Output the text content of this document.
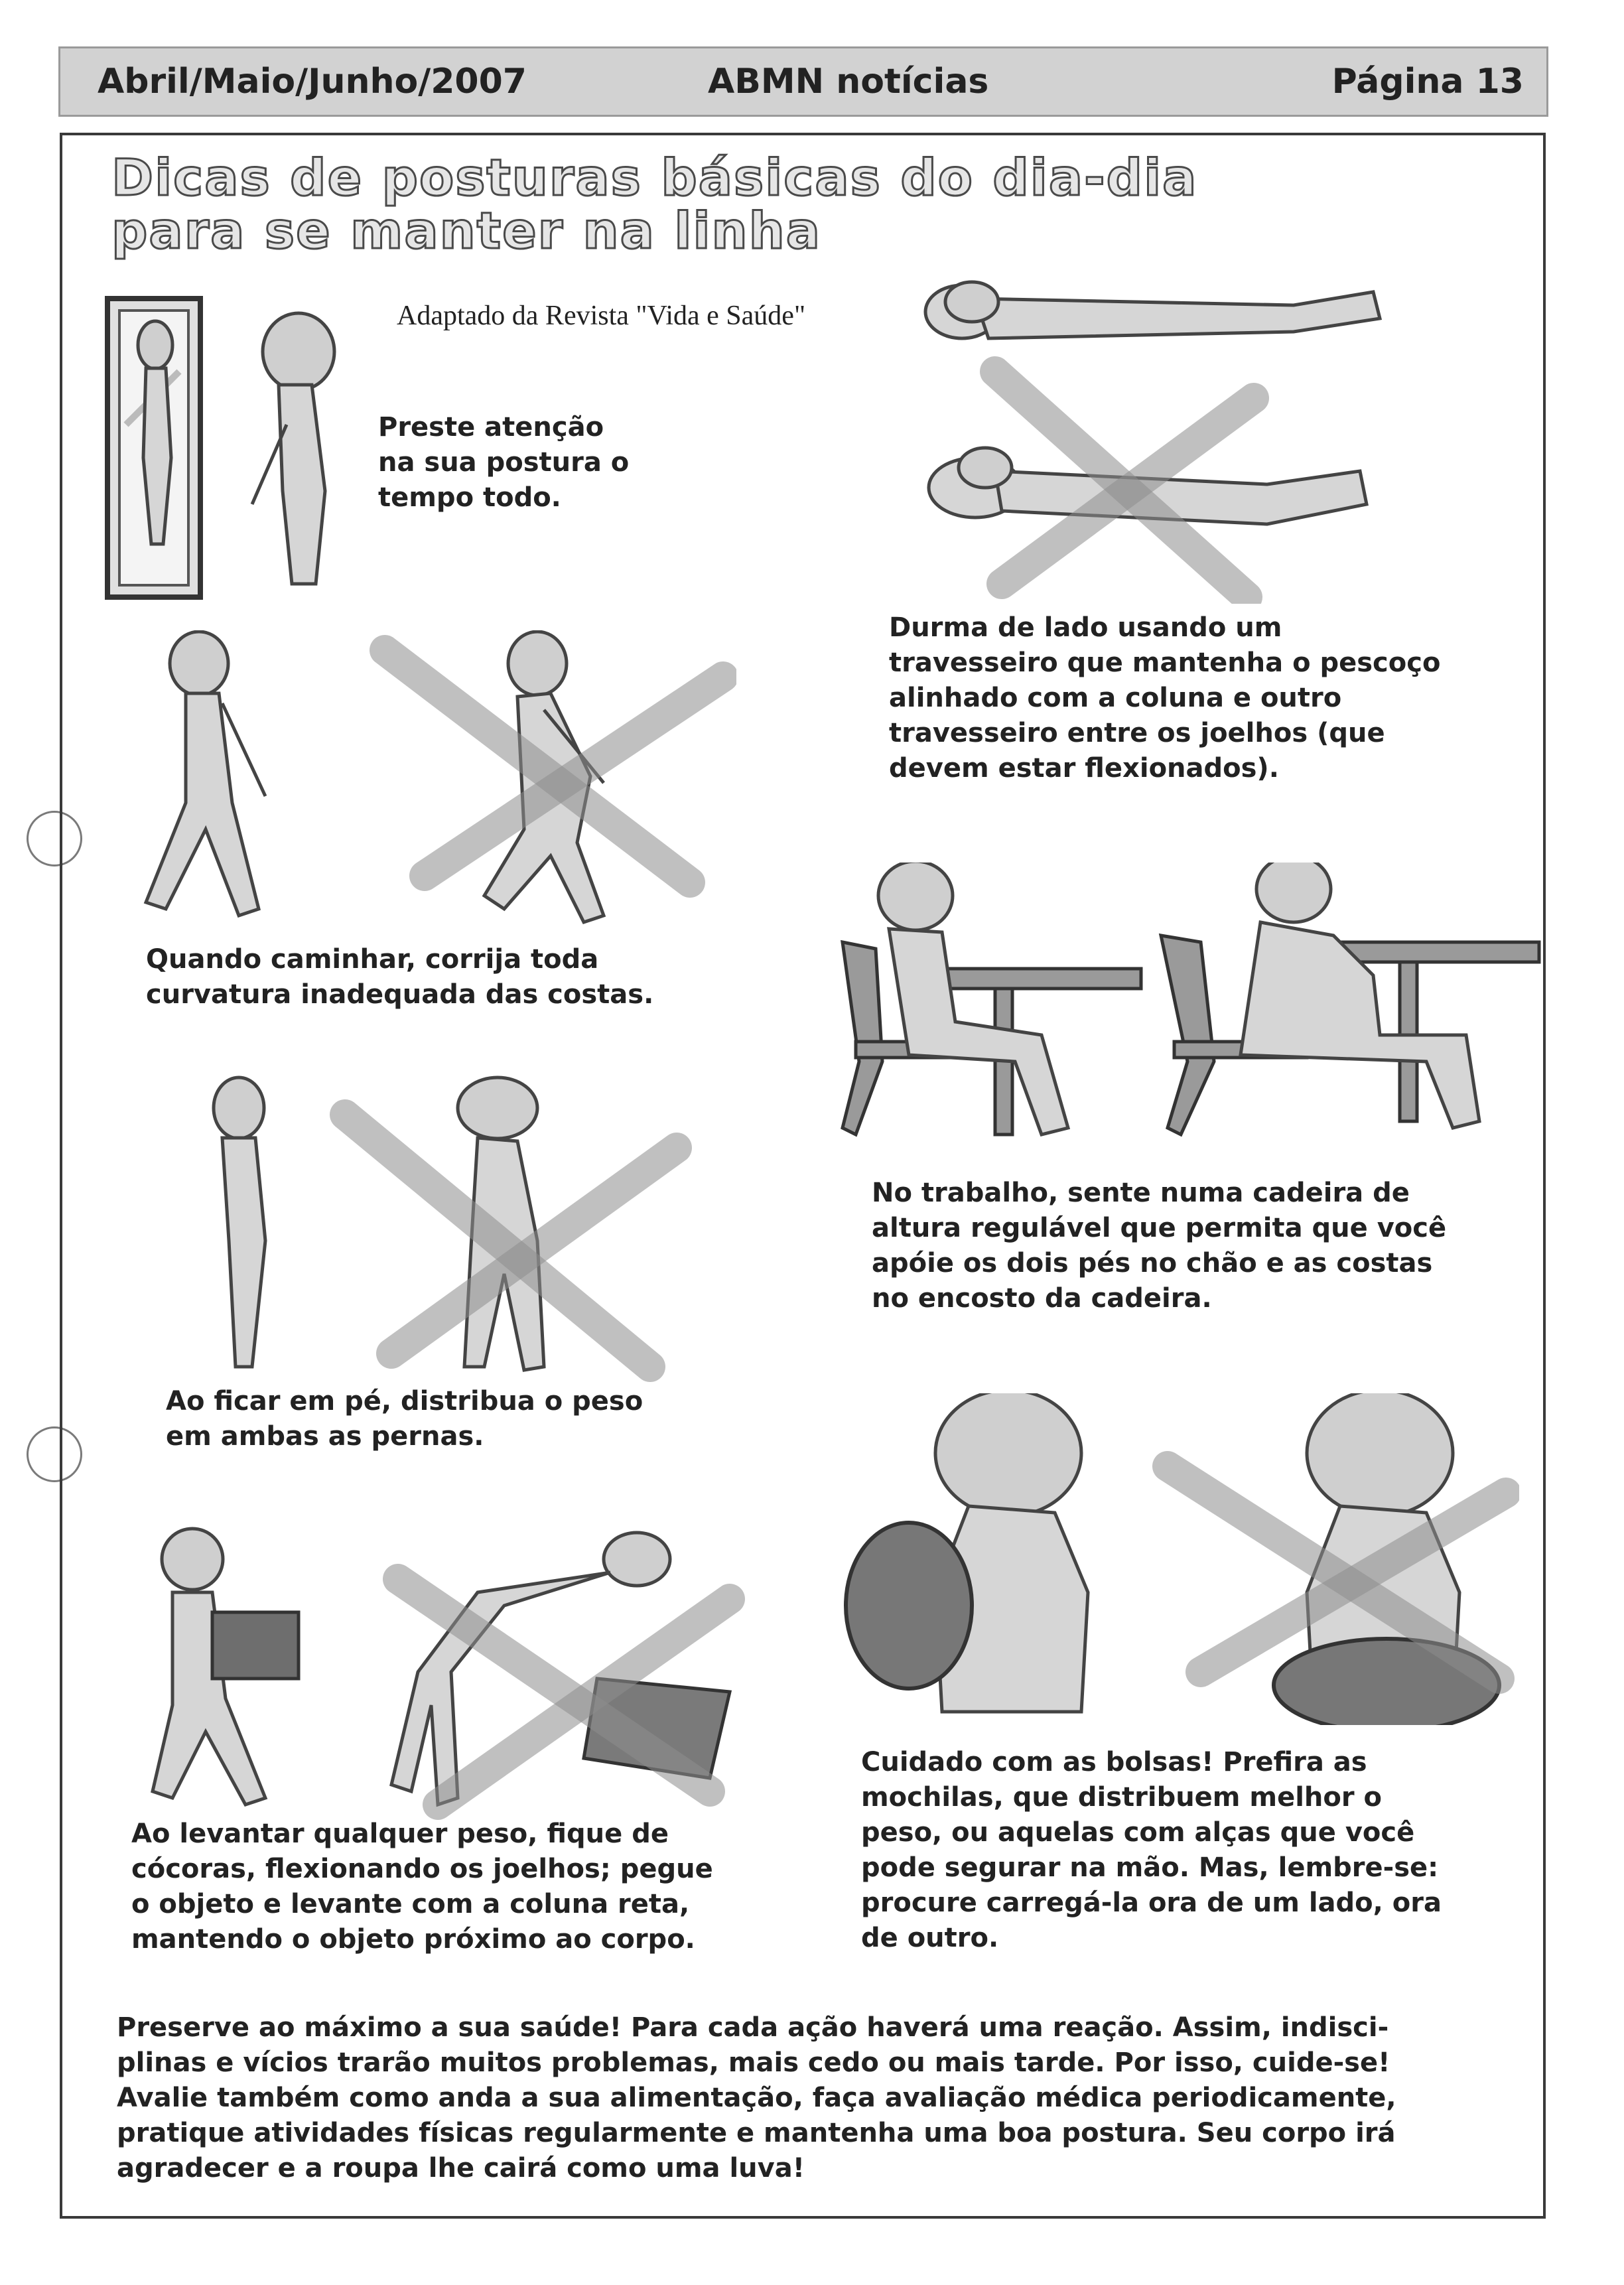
Abril/Maio/Junho/2007	ABMN notícias	Página 13
Dicas de posturas básicas do dia-dia
para se manter na linha
Adaptado da Revista "Vida e Saúde"
Preste atenção
na sua postura o
tempo todo.
Durma de lado usando um
travesseiro que mantenha o pescoço
alinhado com a coluna e outro
travesseiro entre os joelhos (que
devem estar flexionados).
Quando caminhar, corrija toda
curvatura inadequada das costas.
No trabalho, sente numa cadeira de
altura regulável que permita que você
apóie os dois pés no chão e as costas
no encosto da cadeira.
Ao ficar em pé, distribua o peso
em ambas as pernas.
Ao levantar qualquer peso, fique de
cócoras, flexionando os joelhos; pegue
o objeto e levante com a coluna reta,
mantendo o objeto próximo ao corpo.
Cuidado com as bolsas! Prefira as
mochilas, que distribuem melhor o
peso, ou aquelas com alças que você
pode segurar na mão. Mas, lembre-se:
procure carregá-la ora de um lado, ora
de outro.
Preserve ao máximo a sua saúde! Para cada ação haverá uma reação. Assim, indisci-
plinas e vícios trarão muitos problemas, mais cedo ou mais tarde. Por isso, cuide-se!
Avalie também como anda a sua alimentação, faça avaliação médica periodicamente,
pratique atividades físicas regularmente e mantenha uma boa postura. Seu corpo irá
agradecer e a roupa lhe cairá como uma luva!
